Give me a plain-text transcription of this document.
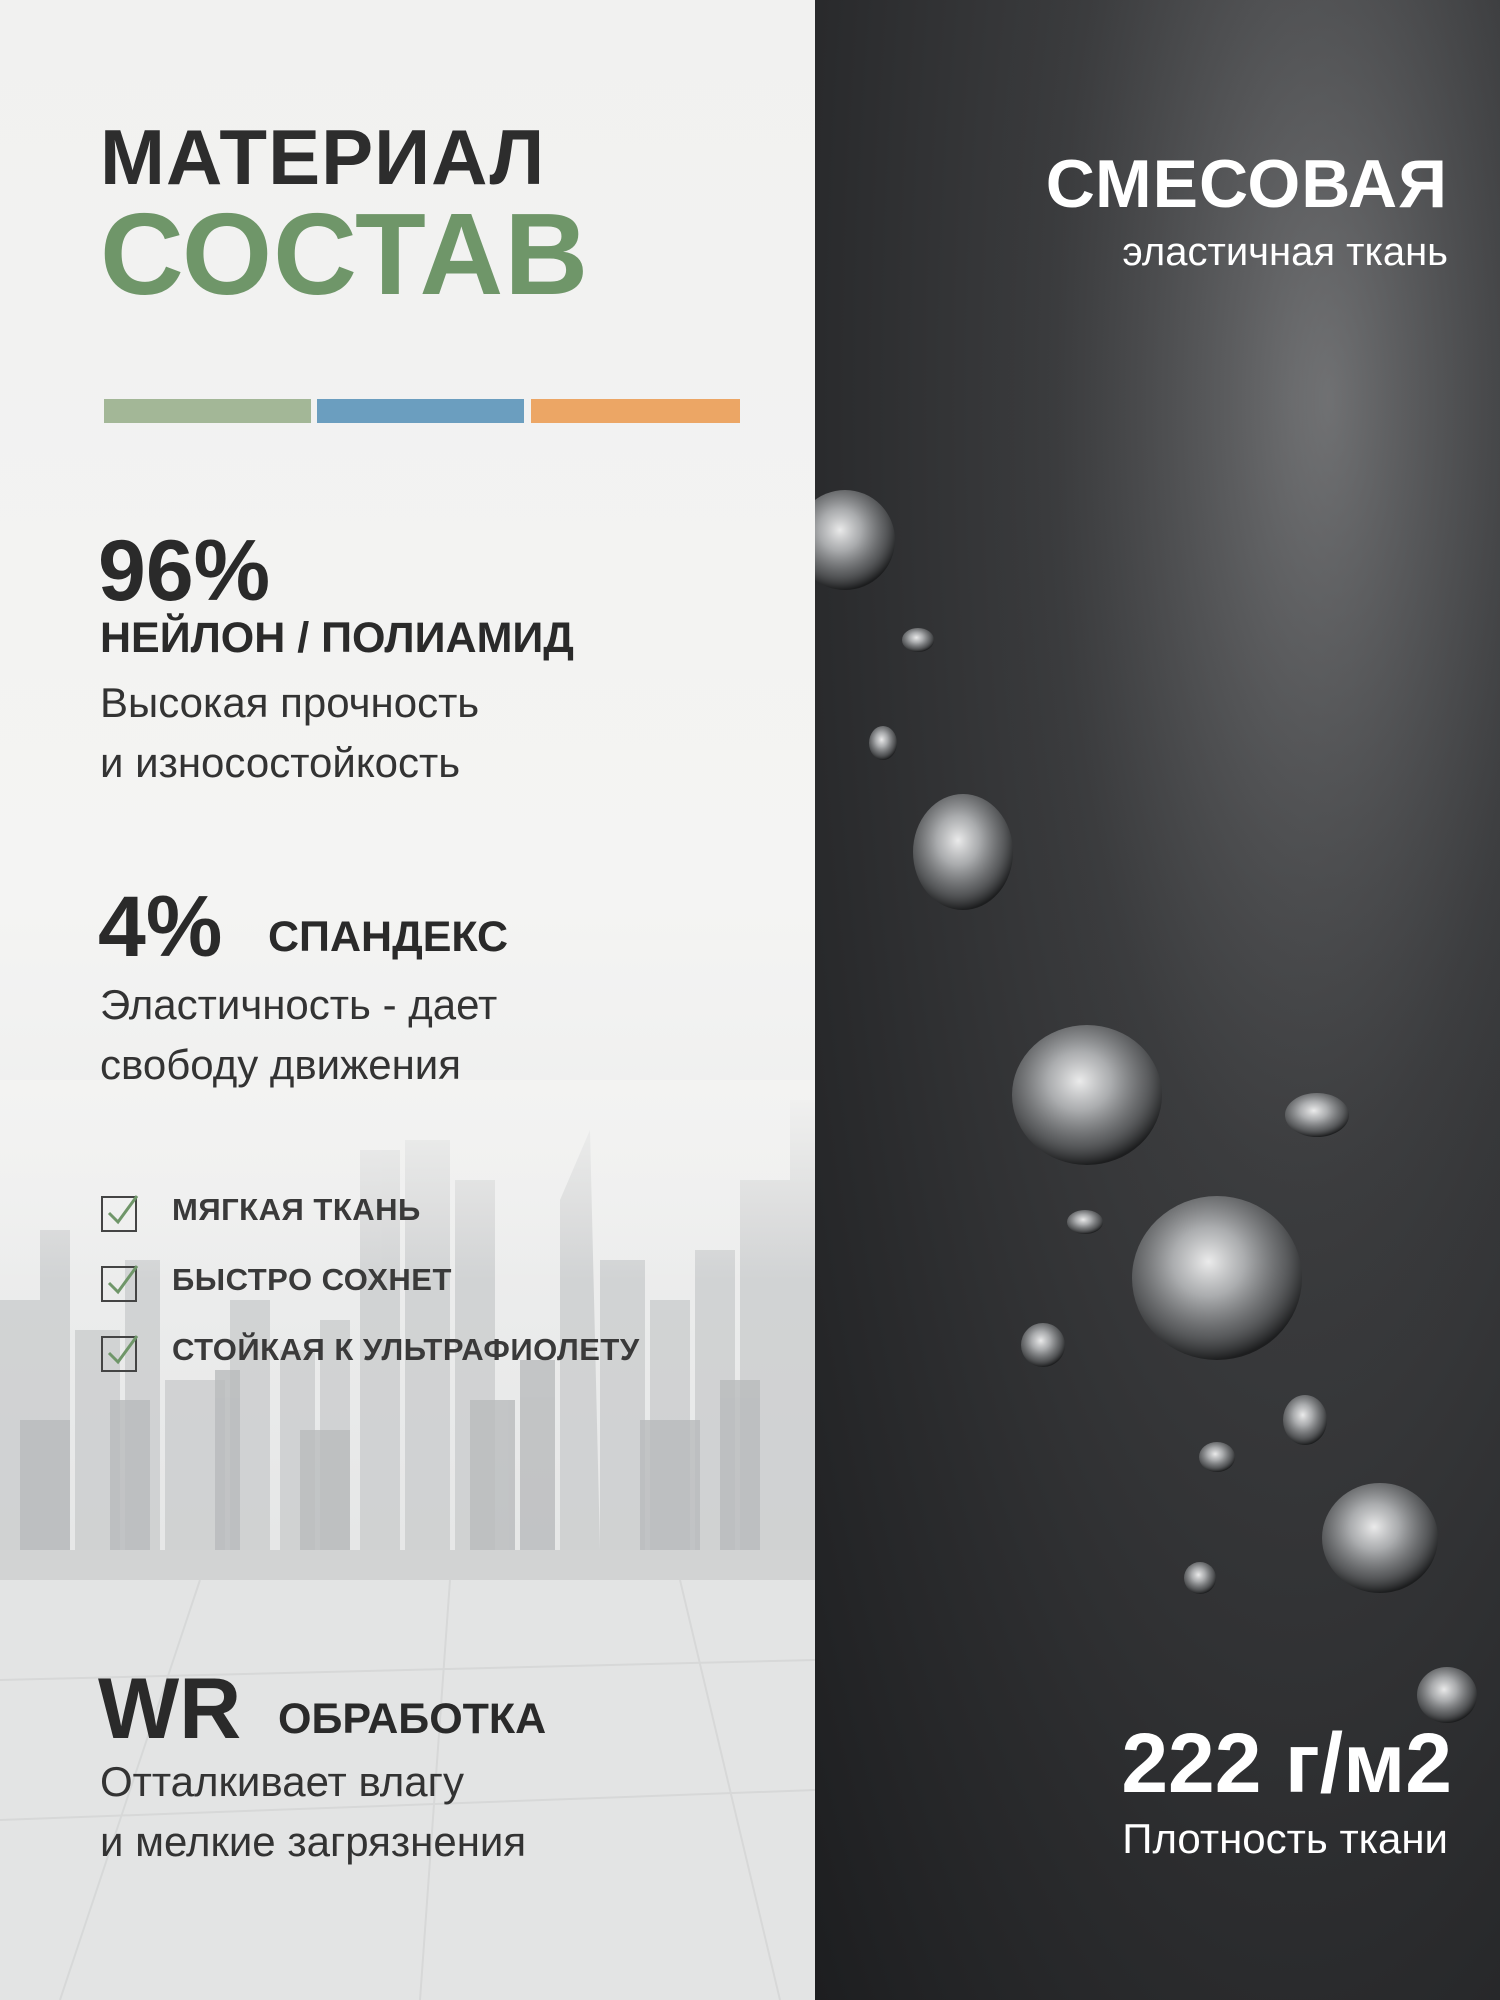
МАТЕРИАЛ
СОСТАВ
96%
НЕЙЛОН / ПОЛИАМИД
Высокая прочность
и износостойкость
4% СПАНДЕКС
Эластичность - дает
свободу движения
МЯГКАЯ ТКАНЬ
БЫСТРО СОХНЕТ
СТОЙКАЯ К УЛЬТРАФИОЛЕТУ
WR ОБРАБОТКА
Отталкивает влагу
и мелкие загрязнения
СМЕСОВАЯ
эластичная ткань
222 г/м2
Плотность ткани
